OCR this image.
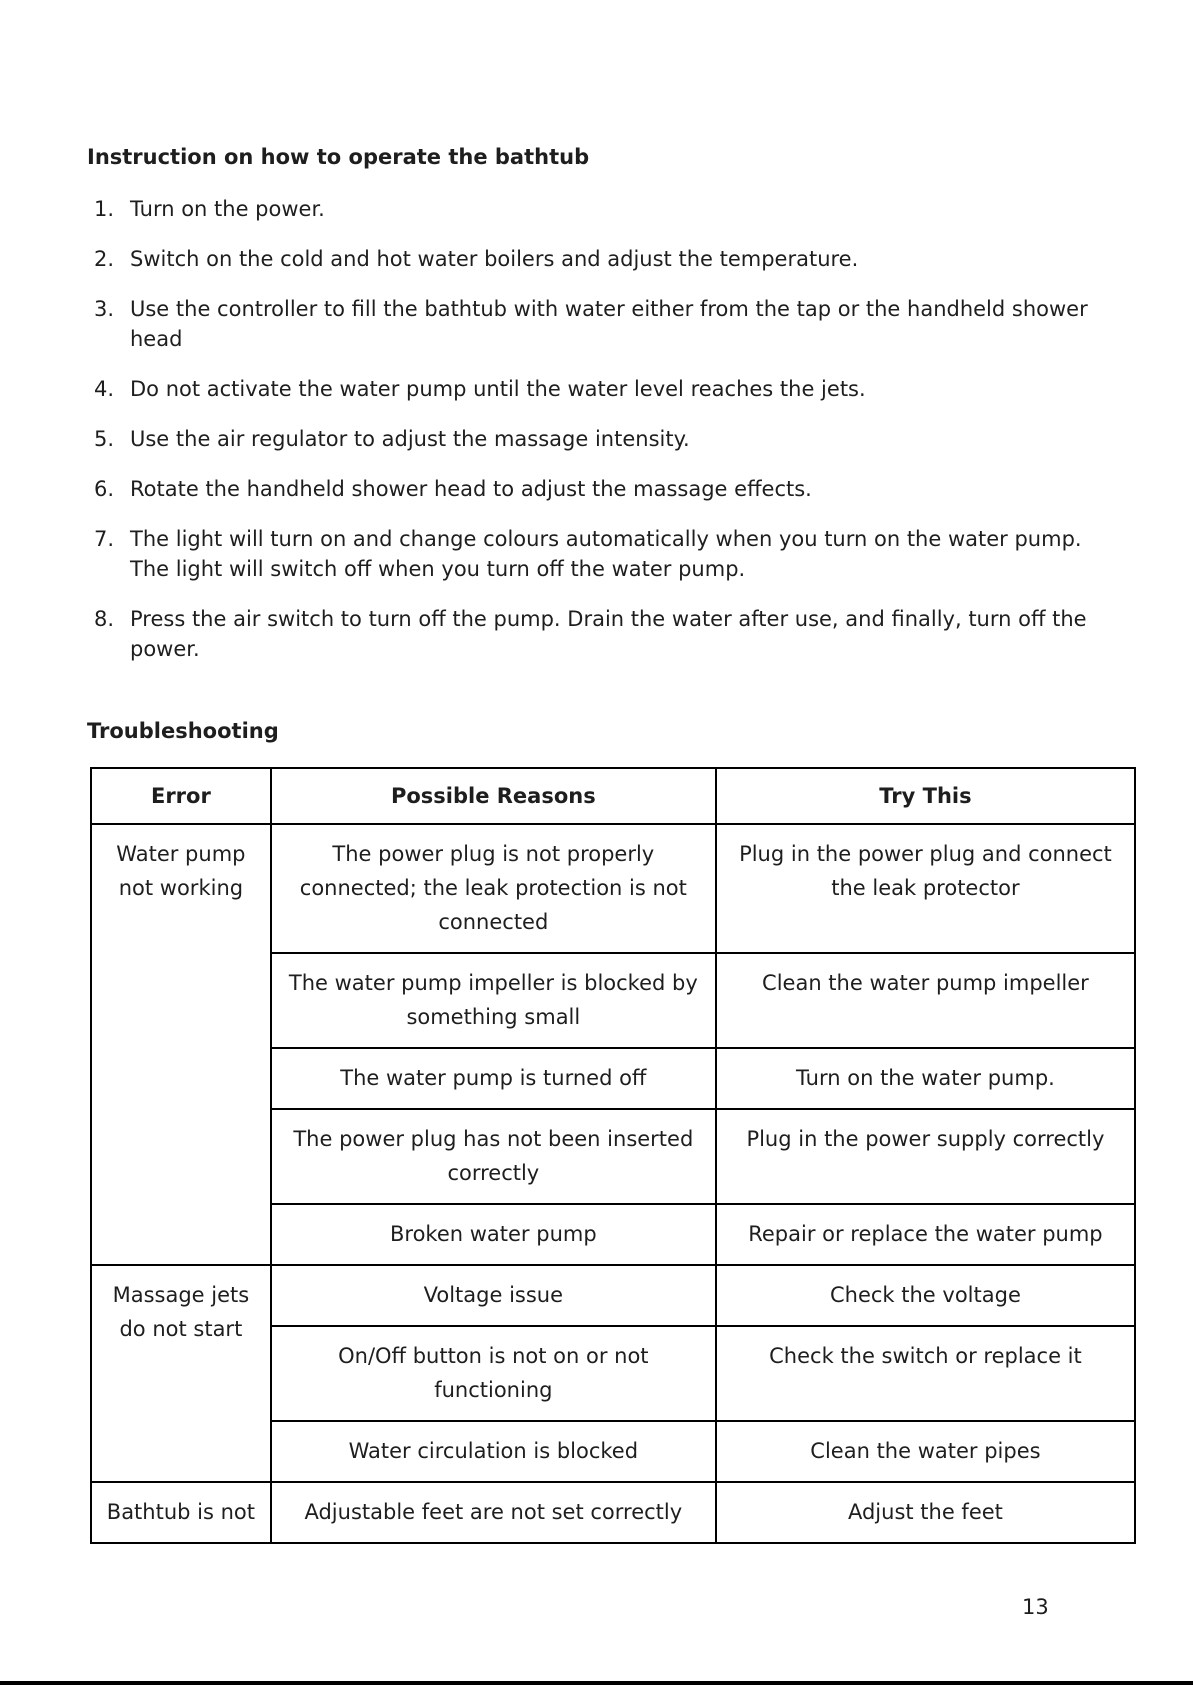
Instruction on how to operate the bathtub
1. Turn on the power.
2. Switch on the cold and hot water boilers and adjust the temperature.
3. Use the controller to fill the bathtub with water either from the tap or the handheld shower head
4. Do not activate the water pump until the water level reaches the jets.
5. Use the air regulator to adjust the massage intensity.
6. Rotate the handheld shower head to adjust the massage effects.
7. The light will turn on and change colours automatically when you turn on the water pump. The light will switch off when you turn off the water pump.
8. Press the air switch to turn off the pump. Drain the water after use, and finally, turn off the power.
Troubleshooting
Error	Possible Reasons	Try This
Water pump not working	The power plug is not properly connected; the leak protection is not connected	Plug in the power plug and connect the leak protector
	The water pump impeller is blocked by something small	Clean the water pump impeller
	The water pump is turned off	Turn on the water pump.
	The power plug has not been inserted correctly	Plug in the power supply correctly
	Broken water pump	Repair or replace the water pump
Massage jets do not start	Voltage issue	Check the voltage
	On/Off button is not on or not functioning	Check the switch or replace it
	Water circulation is blocked	Clean the water pipes
Bathtub is not	Adjustable feet are not set correctly	Adjust the feet
13
